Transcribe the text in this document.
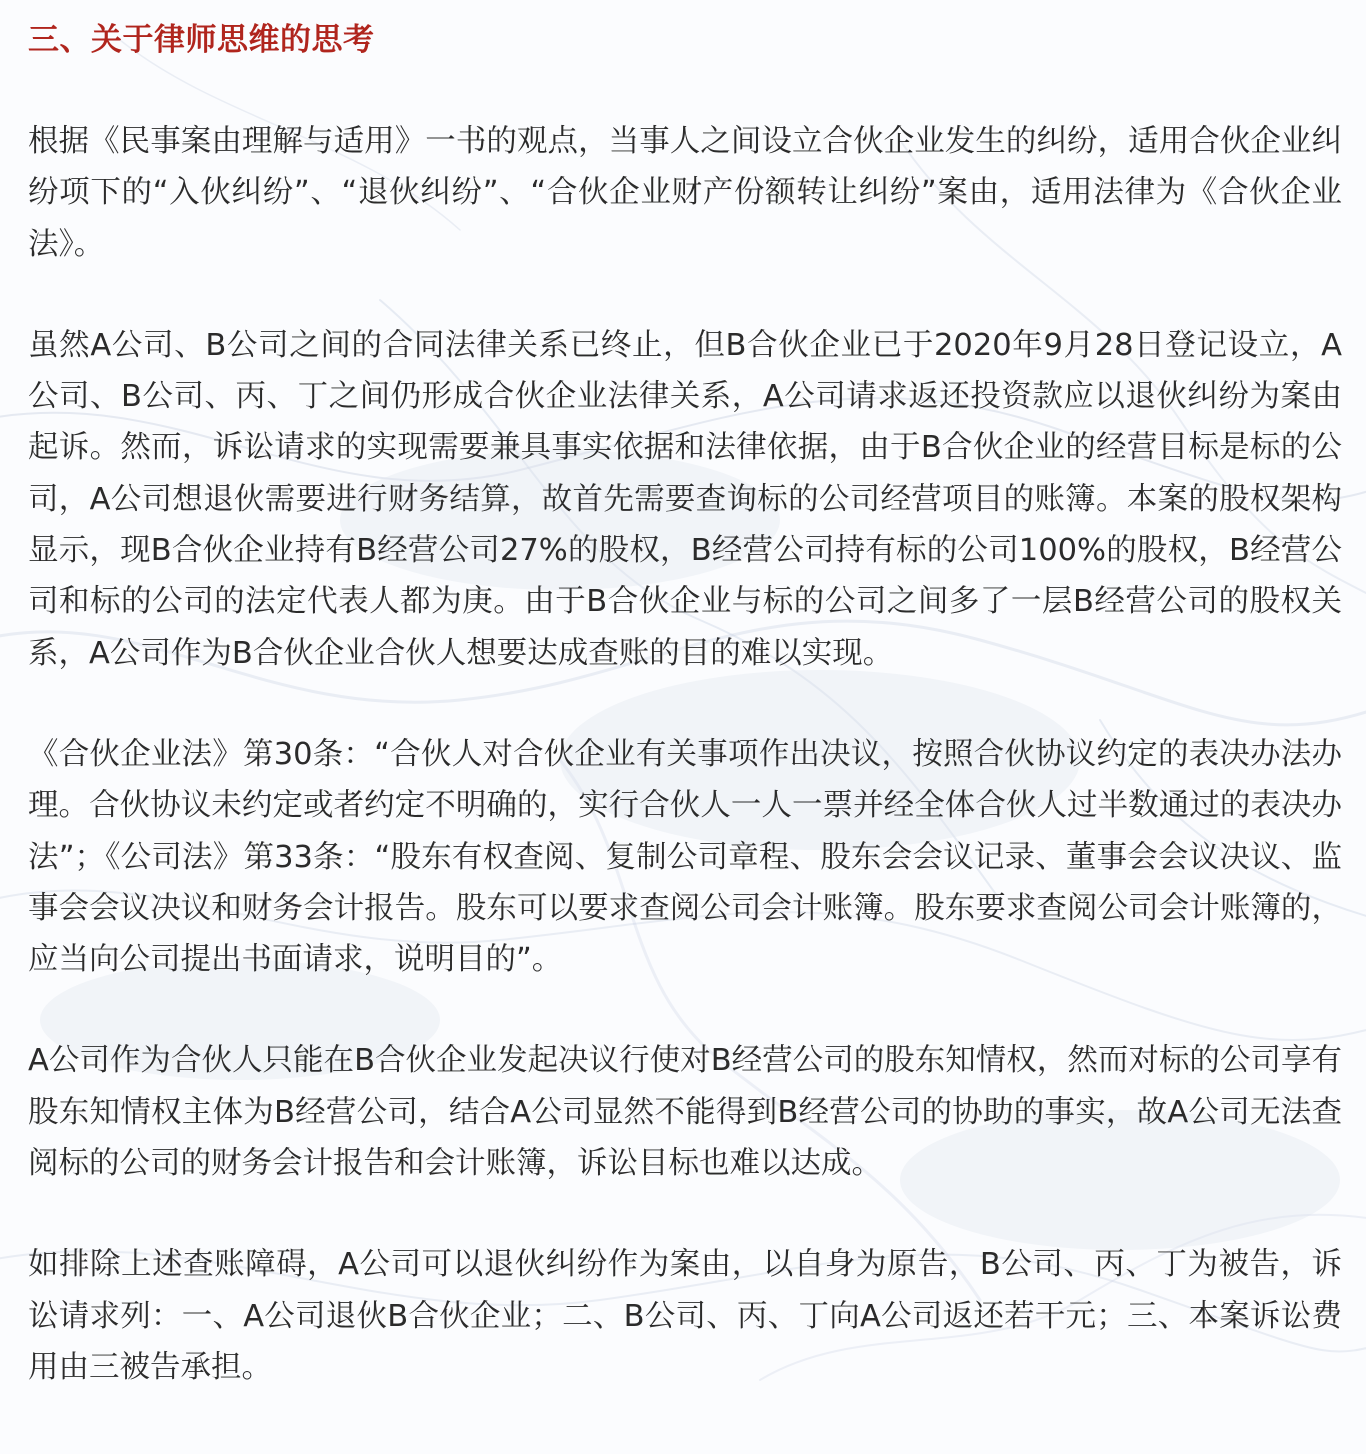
三、关于律师思维的思考

根据《民事案由理解与适用》一书的观点，当事人之间设立合伙企业发生的纠纷，适用合伙企业纠纷项下的“入伙纠纷”、“退伙纠纷”、“合伙企业财产份额转让纠纷”案由，适用法律为《合伙企业法》。

虽然A公司、B公司之间的合同法律关系已终止，但B合伙企业已于2020年9月28日登记设立，A公司、B公司、丙、丁之间仍形成合伙企业法律关系，A公司请求返还投资款应以退伙纠纷为案由起诉。然而，诉讼请求的实现需要兼具事实依据和法律依据，由于B合伙企业的经营目标是标的公司，A公司想退伙需要进行财务结算，故首先需要查询标的公司经营项目的账簿。本案的股权架构显示，现B合伙企业持有B经营公司27%的股权，B经营公司持有标的公司100%的股权，B经营公司和标的公司的法定代表人都为庚。由于B合伙企业与标的公司之间多了一层B经营公司的股权关系，A公司作为B合伙企业合伙人想要达成查账的目的难以实现。

《合伙企业法》第30条：“合伙人对合伙企业有关事项作出决议，按照合伙协议约定的表决办法办理。合伙协议未约定或者约定不明确的，实行合伙人一人一票并经全体合伙人过半数通过的表决办法”；《公司法》第33条：“股东有权查阅、复制公司章程、股东会会议记录、董事会会议决议、监事会会议决议和财务会计报告。股东可以要求查阅公司会计账簿。股东要求查阅公司会计账簿的，应当向公司提出书面请求，说明目的”。

A公司作为合伙人只能在B合伙企业发起决议行使对B经营公司的股东知情权，然而对标的公司享有股东知情权主体为B经营公司，结合A公司显然不能得到B经营公司的协助的事实，故A公司无法查阅标的公司的财务会计报告和会计账簿，诉讼目标也难以达成。

如排除上述查账障碍，A公司可以退伙纠纷作为案由，以自身为原告，B公司、丙、丁为被告，诉讼请求列：一、A公司退伙B合伙企业；二、B公司、丙、丁向A公司返还若干元；三、本案诉讼费用由三被告承担。
